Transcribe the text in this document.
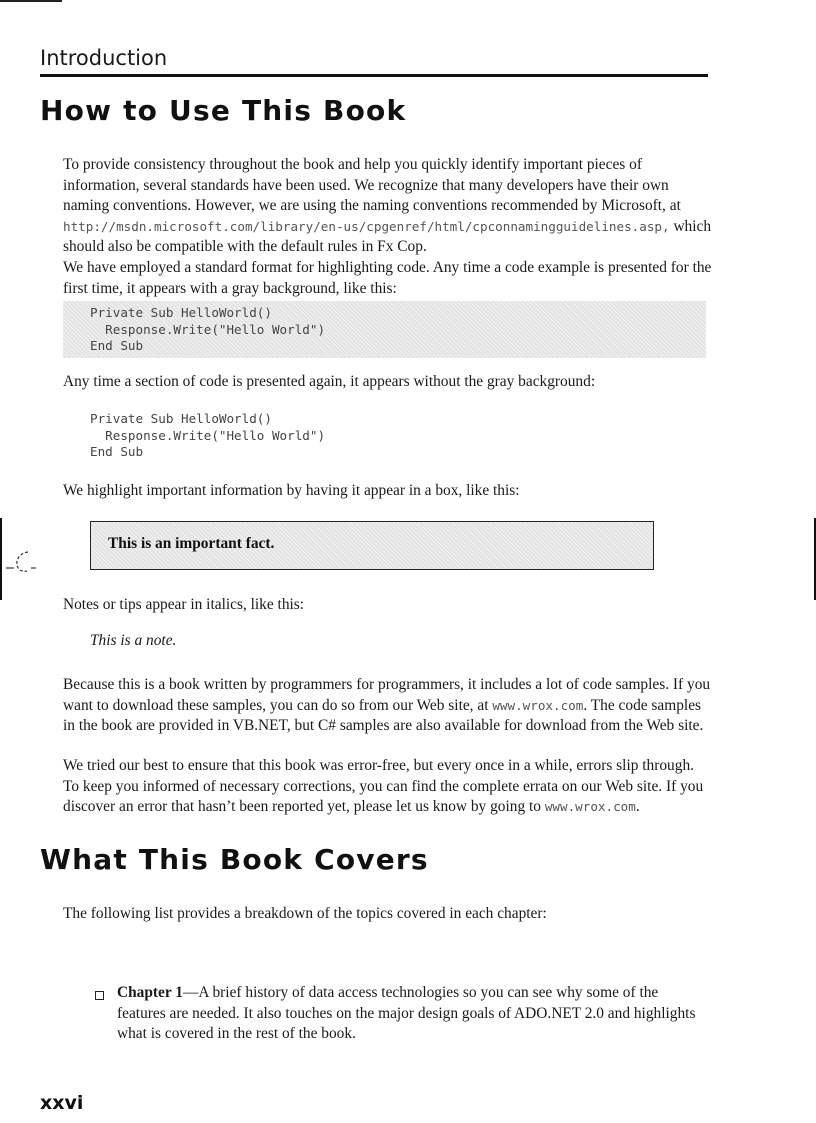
Introduction
How to Use This Book

To provide consistency throughout the book and help you quickly identify important pieces of information, several standards have been used. We recognize that many developers have their own naming conventions. However, we are using the naming conventions recommended by Microsoft, at http://msdn.microsoft.com/library/en-us/cpgenref/html/cpconnamingguidelines.asp, which should also be compatible with the default rules in Fx Cop.

We have employed a standard format for highlighting code. Any time a code example is presented for the first time, it appears with a gray background, like this:

Private Sub HelloWorld()
Response.Write("Hello World")
End Sub

Any time a section of code is presented again, it appears without the gray background:

Private Sub HelloWorld()
Response.Write("Hello World")
End Sub

We highlight important information by having it appear in a box, like this:

This is an important fact.

Notes or tips appear in italics, like this:

This is a note.

Because this is a book written by programmers for programmers, it includes a lot of code samples. If you want to download these samples, you can do so from our Web site, at www.wrox.com. The code samples in the book are provided in VB.NET, but C# samples are also available for download from the Web site.

We tried our best to ensure that this book was error-free, but every once in a while, errors slip through. To keep you informed of necessary corrections, you can find the complete errata on our Web site. If you discover an error that hasn’t been reported yet, please let us know by going to www.wrox.com.

What This Book Covers

The following list provides a breakdown of the topics covered in each chapter:

Chapter 1—A brief history of data access technologies so you can see why some of the features are needed. It also touches on the major design goals of ADO.NET 2.0 and highlights what is covered in the rest of the book.

xxvi
